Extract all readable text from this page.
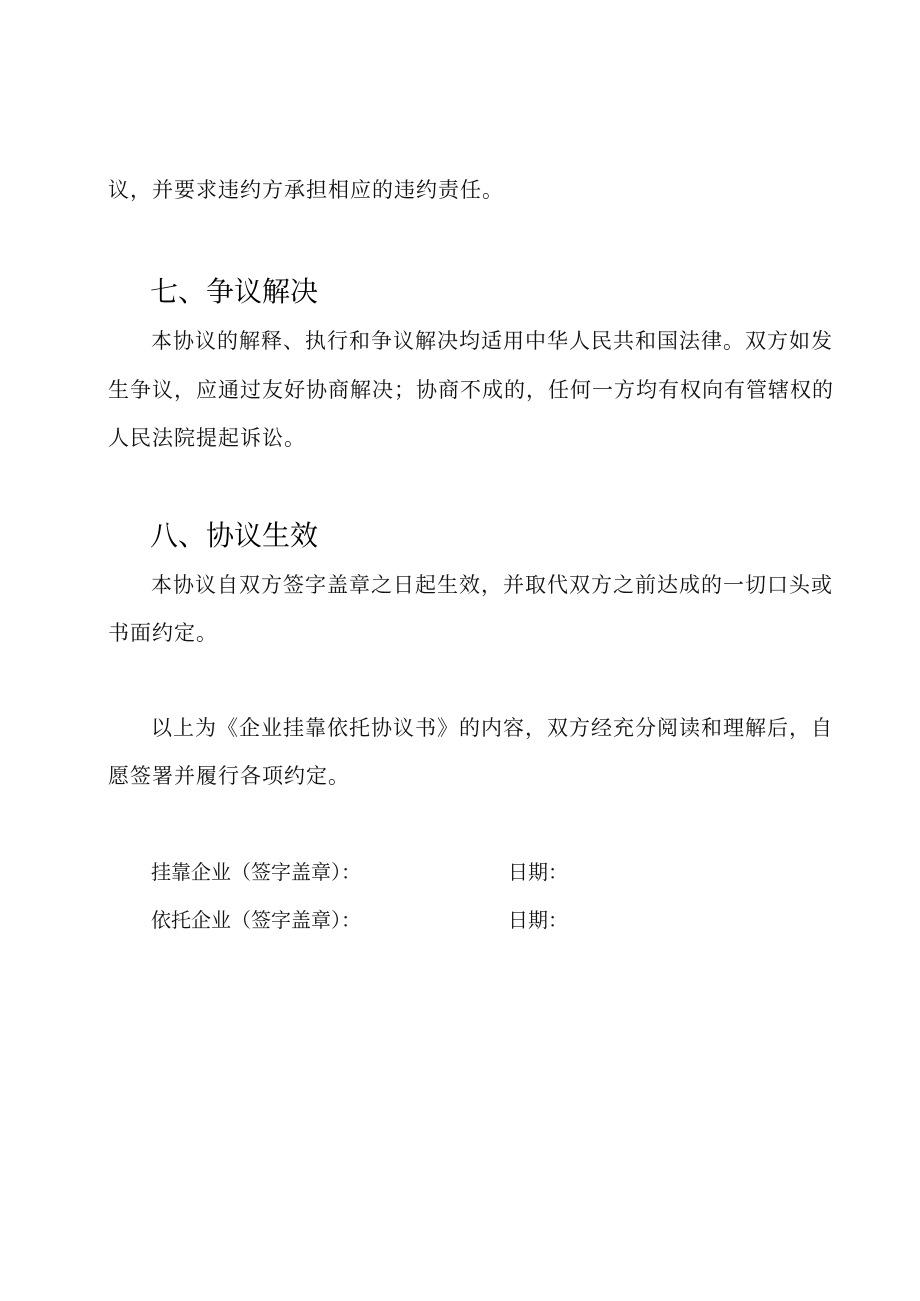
议，并要求违约方承担相应的违约责任。
七、争议解决
本协议的解释、执行和争议解决均适用中华人民共和国法律。双方如发
生争议，应通过友好协商解决；协商不成的，任何一方均有权向有管辖权的
人民法院提起诉讼。
八、协议生效
本协议自双方签字盖章之日起生效，并取代双方之前达成的一切口头或
书面约定。
以上为《企业挂靠依托协议书》的内容，双方经充分阅读和理解后，自
愿签署并履行各项约定。
挂靠企业（签字盖章）：	日期：
依托企业（签字盖章）：	日期：
